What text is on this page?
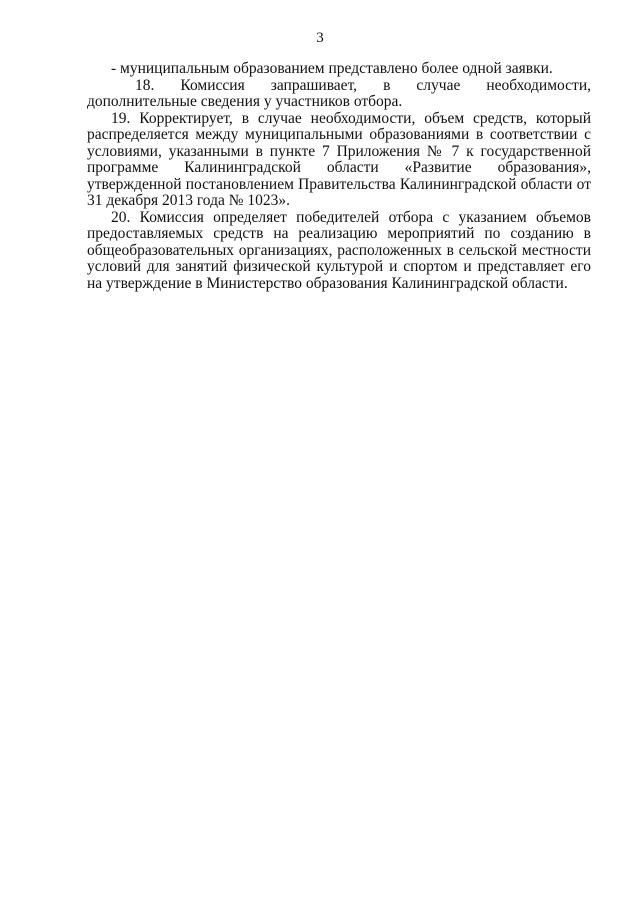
3

- муниципальным образованием представлено более одной заявки.

18. Комиссия запрашивает, в случае необходимости, дополнительные сведения у участников отбора.

19. Корректирует, в случае необходимости, объем средств, который распределяется между муниципальными образованиями в соответствии с условиями, указанными в пункте 7 Приложения № 7 к государственной программе Калининградской области «Развитие образования», утвержденной постановлением Правительства Калининградской области от 31 декабря 2013 года № 1023».

20. Комиссия определяет победителей отбора с указанием объемов предоставляемых средств на реализацию мероприятий по созданию в общеобразовательных организациях, расположенных в сельской местности условий для занятий физической культурой и спортом и представляет его на утверждение в Министерство образования Калининградской области.
